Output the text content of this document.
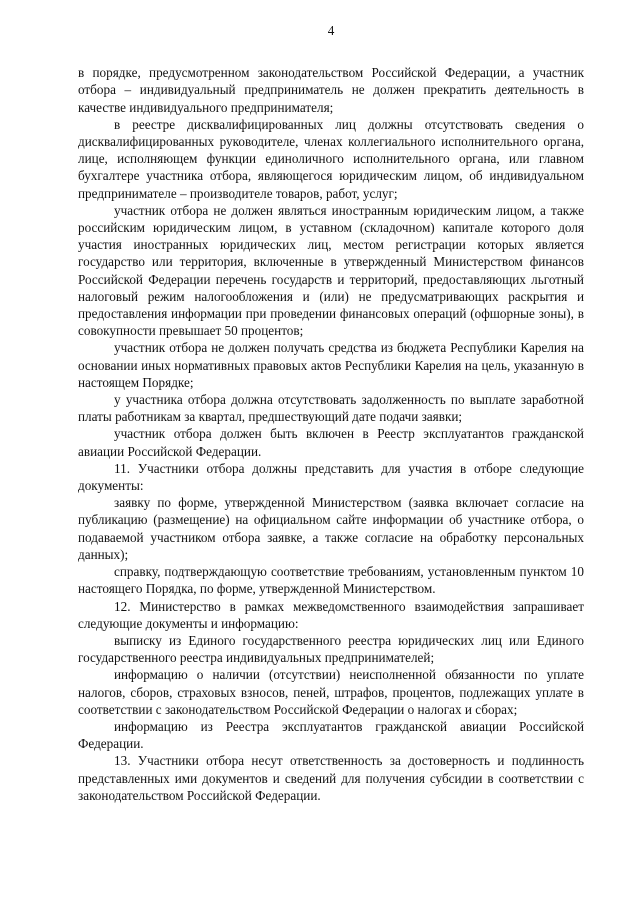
4

в порядке, предусмотренном законодательством Российской Федерации, а участник отбора – индивидуальный предприниматель не должен прекратить деятельность в качестве индивидуального предпринимателя;

в реестре дисквалифицированных лиц должны отсутствовать сведения о дисквалифицированных руководителе, членах коллегиального исполнительного органа, лице, исполняющем функции единоличного исполнительного органа, или главном бухгалтере участника отбора, являющегося юридическим лицом, об индивидуальном предпринимателе – производителе товаров, работ, услуг;

участник отбора не должен являться иностранным юридическим лицом, а также российским юридическим лицом, в уставном (складочном) капитале которого доля участия иностранных юридических лиц, местом регистрации которых является государство или территория, включенные в утвержденный Министерством финансов Российской Федерации перечень государств и территорий, предоставляющих льготный налоговый режим налогообложения и (или) не предусматривающих раскрытия и предоставления информации при проведении финансовых операций (офшорные зоны), в совокупности превышает 50 процентов;

участник отбора не должен получать средства из бюджета Республики Карелия на основании иных нормативных правовых актов Республики Карелия на цель, указанную в настоящем Порядке;

у участника отбора должна отсутствовать задолженность по выплате заработной платы работникам за квартал, предшествующий дате подачи заявки;

участник отбора должен быть включен в Реестр эксплуатантов гражданской авиации Российской Федерации.

11. Участники отбора должны представить для участия в отборе следующие документы:

заявку по форме, утвержденной Министерством (заявка включает согласие на публикацию (размещение) на официальном сайте информации об участнике отбора, о подаваемой участником отбора заявке, а также согласие на обработку персональных данных);

справку, подтверждающую соответствие требованиям, установленным пунктом 10 настоящего Порядка, по форме, утвержденной Министерством.

12. Министерство в рамках межведомственного взаимодействия запрашивает следующие документы и информацию:

выписку из Единого государственного реестра юридических лиц или Единого государственного реестра индивидуальных предпринимателей;

информацию о наличии (отсутствии) неисполненной обязанности по уплате налогов, сборов, страховых взносов, пеней, штрафов, процентов, подлежащих уплате в соответствии с законодательством Российской Федерации о налогах и сборах;

информацию из Реестра эксплуатантов гражданской авиации Российской Федерации.

13. Участники отбора несут ответственность за достоверность и подлинность представленных ими документов и сведений для получения субсидии в соответствии с законодательством Российской Федерации.
